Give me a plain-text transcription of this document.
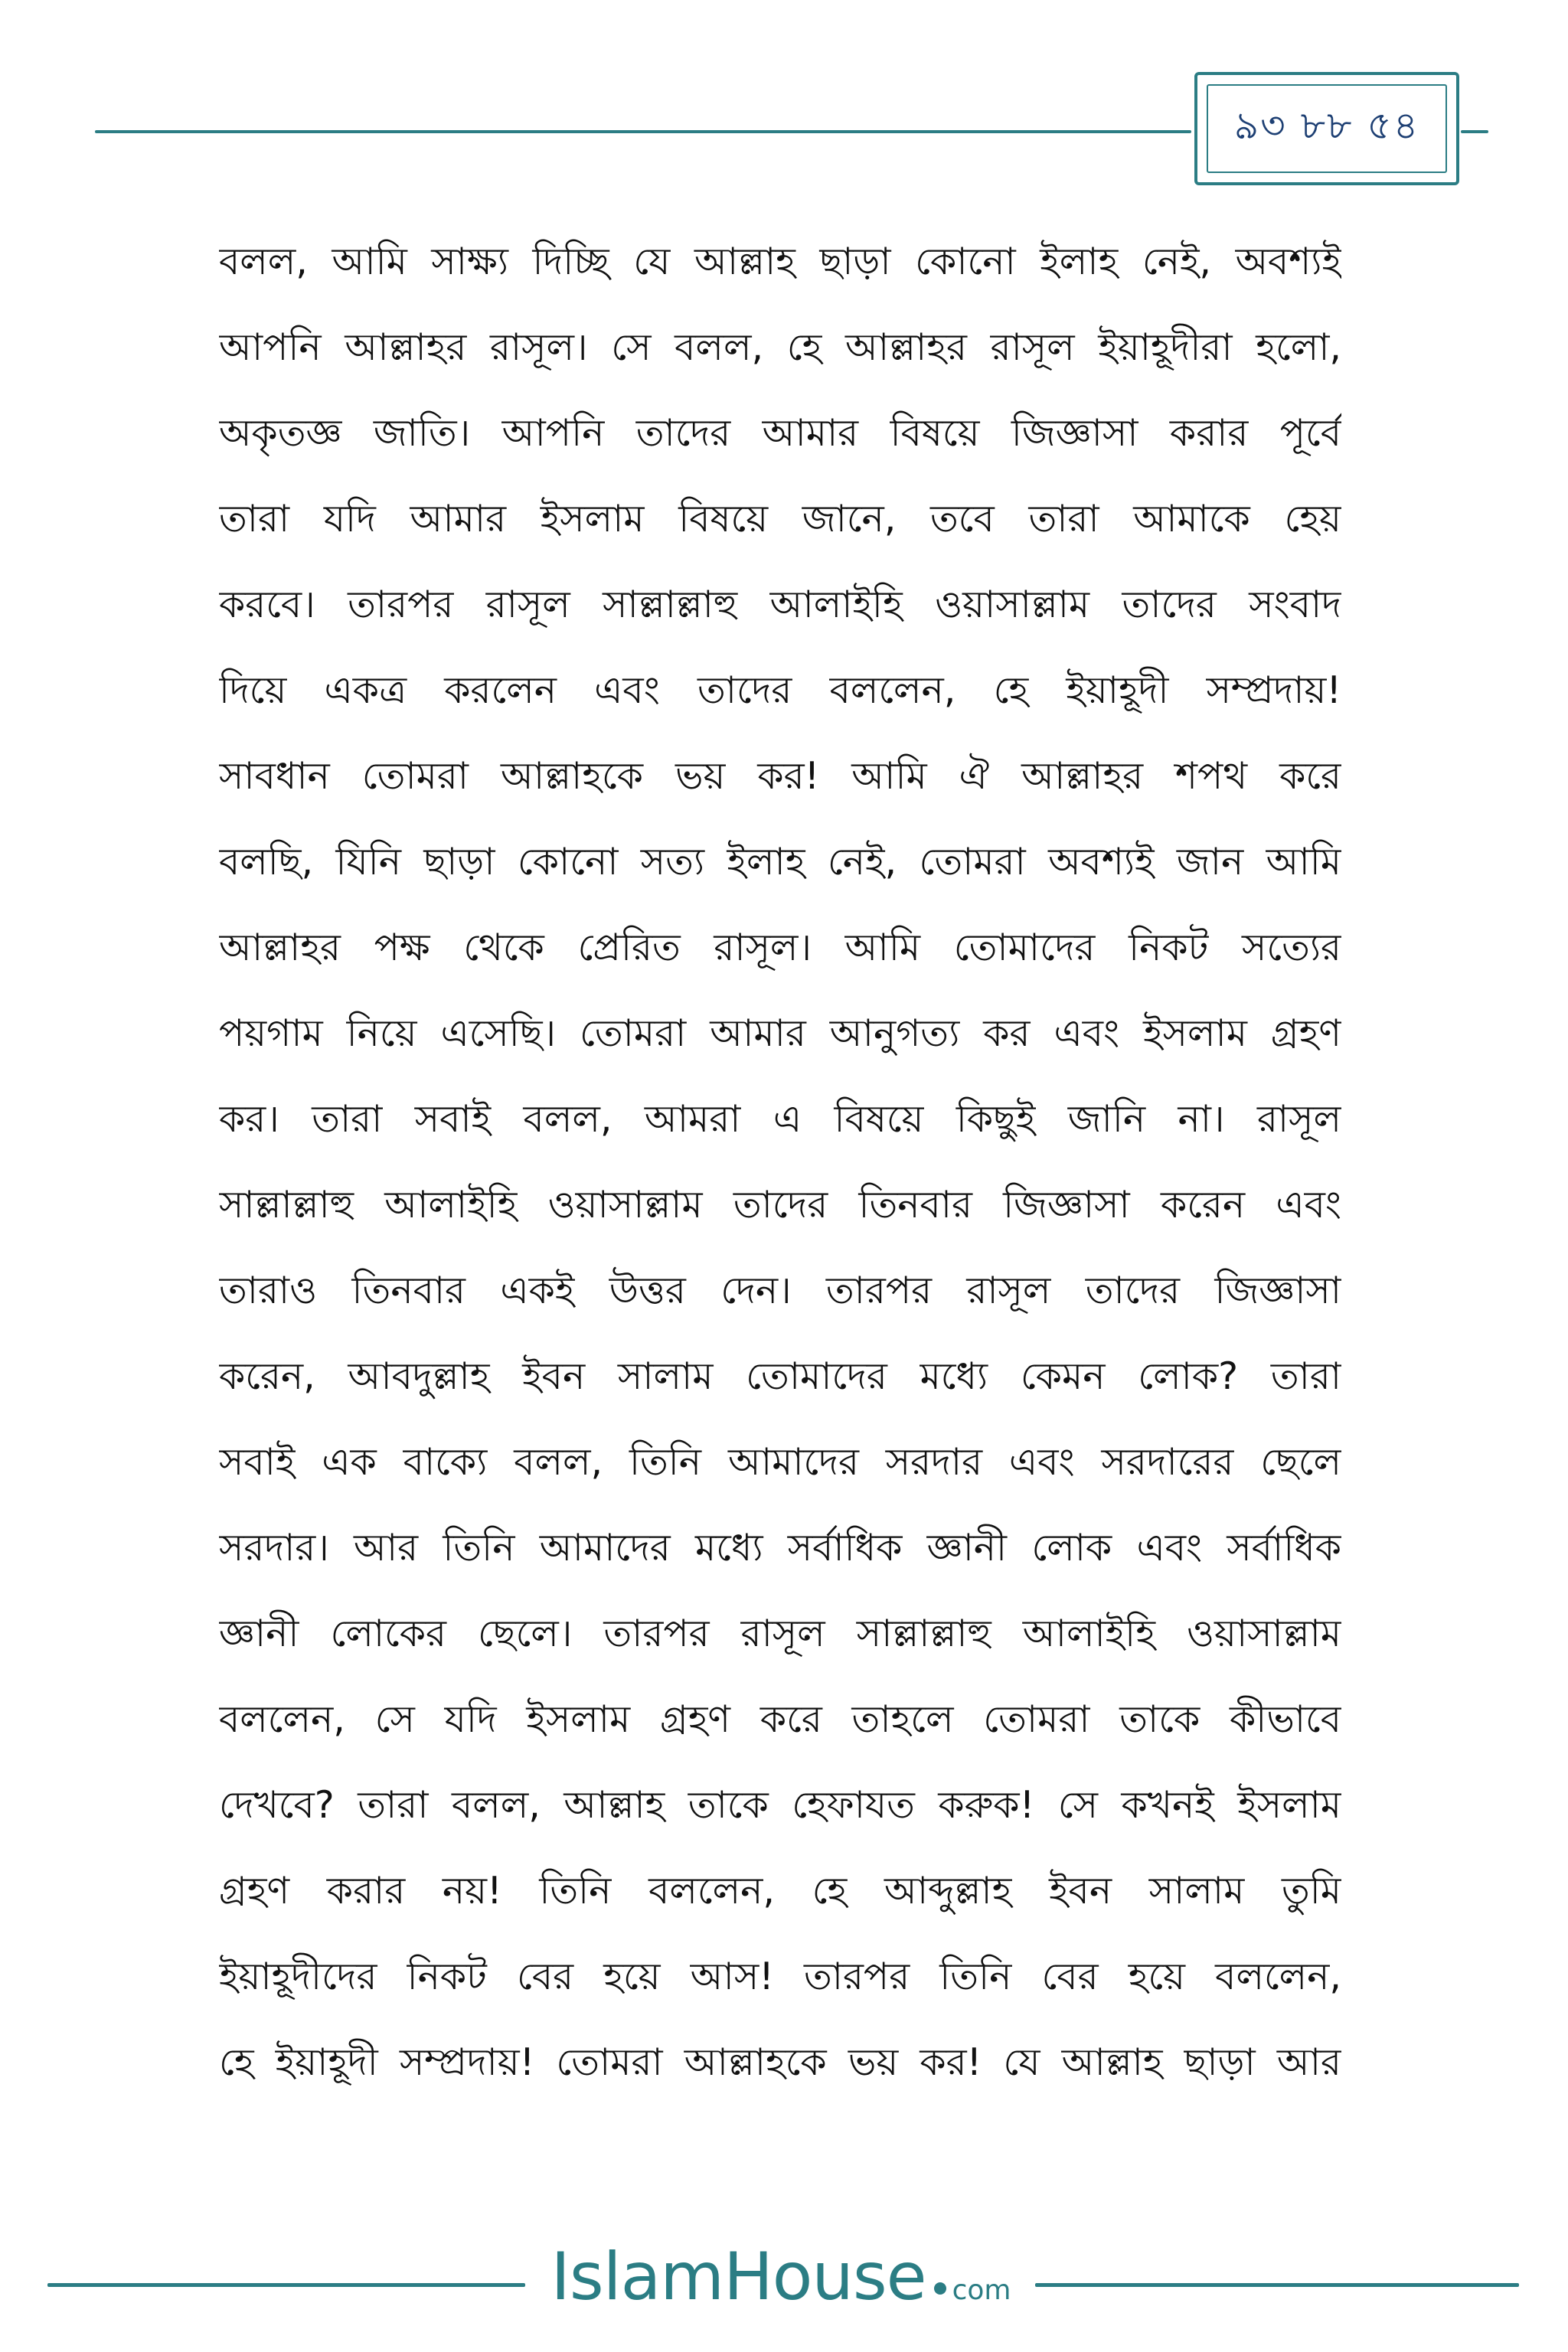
৯৩ ৮৮ ৫৪
বলল, আমি সাক্ষ্য দিচ্ছি যে আল্লাহ ছাড়া কোনো ইলাহ নেই, অবশ্যই
আপনি আল্লাহর রাসূল। সে বলল, হে আল্লাহর রাসূল ইয়াহূদীরা হলো,
অকৃতজ্ঞ জাতি। আপনি তাদের আমার বিষয়ে জিজ্ঞাসা করার পূর্বে
তারা যদি আমার ইসলাম বিষয়ে জানে, তবে তারা আমাকে হেয়
করবে। তারপর রাসূল সাল্লাল্লাহু আলাইহি ওয়াসাল্লাম তাদের সংবাদ
দিয়ে একত্র করলেন এবং তাদের বললেন, হে ইয়াহূদী সম্প্রদায়!
সাবধান তোমরা আল্লাহকে ভয় কর! আমি ঐ আল্লাহর শপথ করে
বলছি, যিনি ছাড়া কোনো সত্য ইলাহ নেই, তোমরা অবশ্যই জান আমি
আল্লাহর পক্ষ থেকে প্রেরিত রাসূল। আমি তোমাদের নিকট সত্যের
পয়গাম নিয়ে এসেছি। তোমরা আমার আনুগত্য কর এবং ইসলাম গ্রহণ
কর। তারা সবাই বলল, আমরা এ বিষয়ে কিছুই জানি না। রাসূল
সাল্লাল্লাহু আলাইহি ওয়াসাল্লাম তাদের তিনবার জিজ্ঞাসা করেন এবং
তারাও তিনবার একই উত্তর দেন। তারপর রাসূল তাদের জিজ্ঞাসা
করেন, আবদুল্লাহ ইবন সালাম তোমাদের মধ্যে কেমন লোক? তারা
সবাই এক বাক্যে বলল, তিনি আমাদের সরদার এবং সরদারের ছেলে
সরদার। আর তিনি আমাদের মধ্যে সর্বাধিক জ্ঞানী লোক এবং সর্বাধিক
জ্ঞানী লোকের ছেলে। তারপর রাসূল সাল্লাল্লাহু আলাইহি ওয়াসাল্লাম
বললেন, সে যদি ইসলাম গ্রহণ করে তাহলে তোমরা তাকে কীভাবে
দেখবে? তারা বলল, আল্লাহ তাকে হেফাযত করুক! সে কখনই ইসলাম
গ্রহণ করার নয়! তিনি বললেন, হে আব্দুল্লাহ ইবন সালাম তুমি
ইয়াহূদীদের নিকট বের হয়ে আস! তারপর তিনি বের হয়ে বললেন,
হে ইয়াহূদী সম্প্রদায়! তোমরা আল্লাহকে ভয় কর! যে আল্লাহ ছাড়া আর
IslamHouse com
